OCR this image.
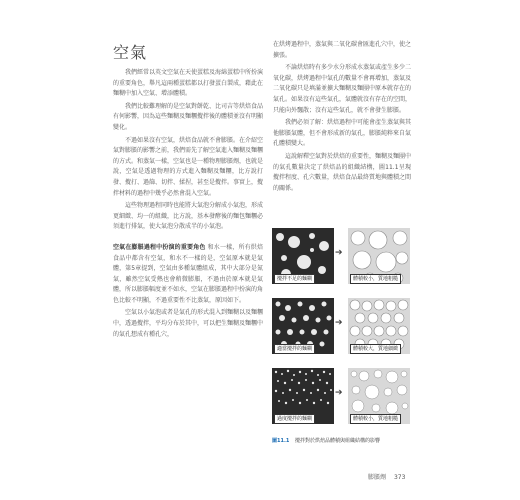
空氣

我們經常以英文空氣在天使蛋糕及海綿蛋糕中所扮演的重要角色，舉凡這兩種蛋糕都以打發蛋白製成，藉此在麵糊中加入空氣、增添體積。

我們比較難理解的是空氣對餅乾、比司吉等烘焙食品有何影響，因為這些麵糊及麵糰攪拌後的體積並沒有明顯變化。

不過如果沒有空氣，烘焙食品就不會膨脹。在介紹空氣對膨脹的影響之前，我們需先了解空氣進入麵糊及麵糰的方式。和蒸氣一樣，空氣也是一種物理膨脹劑，也就是說，空氣是透過物理的方式進入麵糊及麵糰，比方說打發、攪打、過篩、切拌、揉捏，甚至是攪拌。事實上，攪拌材料的過程中幾乎必然會混入空氣。

這些物理過程同時也能將大氣泡分解成小氣泡，形成更細緻、均一的組織，比方說，基本發酵後的麵包麵糰必須進行排氣，使大氣泡分散成半的小氣泡。

空氣在膨脹過程中扮演的重要角色 和水一樣，所有烘焙食品中都含有空氣，和水不一樣的是，空氣原本就是氣體，第5章提到，空氣由多種氣體組成，其中大部分是氮氣，雖然空氣受熱也會稍微膨脹，不過由於原本就是氣體，所以膨脹幅度並不如水，空氣在膨脹過程中扮演的角色比較不明顯，不過重要性不比蒸氣，原因如下。

空氣以小氣泡或者是氣孔的形式混入到麵糊以及麵糰中，透過攪拌，平均分布於其中，可以把生麵糊及麵糰中的氣孔想成有種孔穴，

在烘烤過程中，蒸氣與二氧化碳會匯進孔穴中，使之擴張。

不論烘焙時有多少水分形成水蒸氣或產生多少二氧化碳，烘烤過程中氣孔的數量不會再增加，蒸氣及二氧化碳只是填滿並擴大麵糊及麵團中原本就存在的氣孔。如果沒有這些氣孔，氣體就沒有存在的空間，只能向外飄散；沒有這些氣孔，就不會發生膨脹。

我們必須了解：烘焙過程中可能會產生蒸氣與其他膨脹氣體，但不會形成新的氣孔，膨脹純粹來自氣孔體積變大。

這說解釋空氣對於烘焙的重要性，麵糊及麵團中的氣孔數量決定了烘焙品的組織結構，圖11.1呈現攪拌程度、孔穴數量，烘焙食品最終質地與體積之間的關係。

➔
攪拌不足的麵糊	體積較小，質地粗糙
➔
適當攪拌的麵糊	體積較大，質地細緻
➔
過度攪拌的麵糊	體積較小，質地粗糙
圖11.1 攪拌對於烘焙品體積與組織結構的影響
膨脹劑 373
